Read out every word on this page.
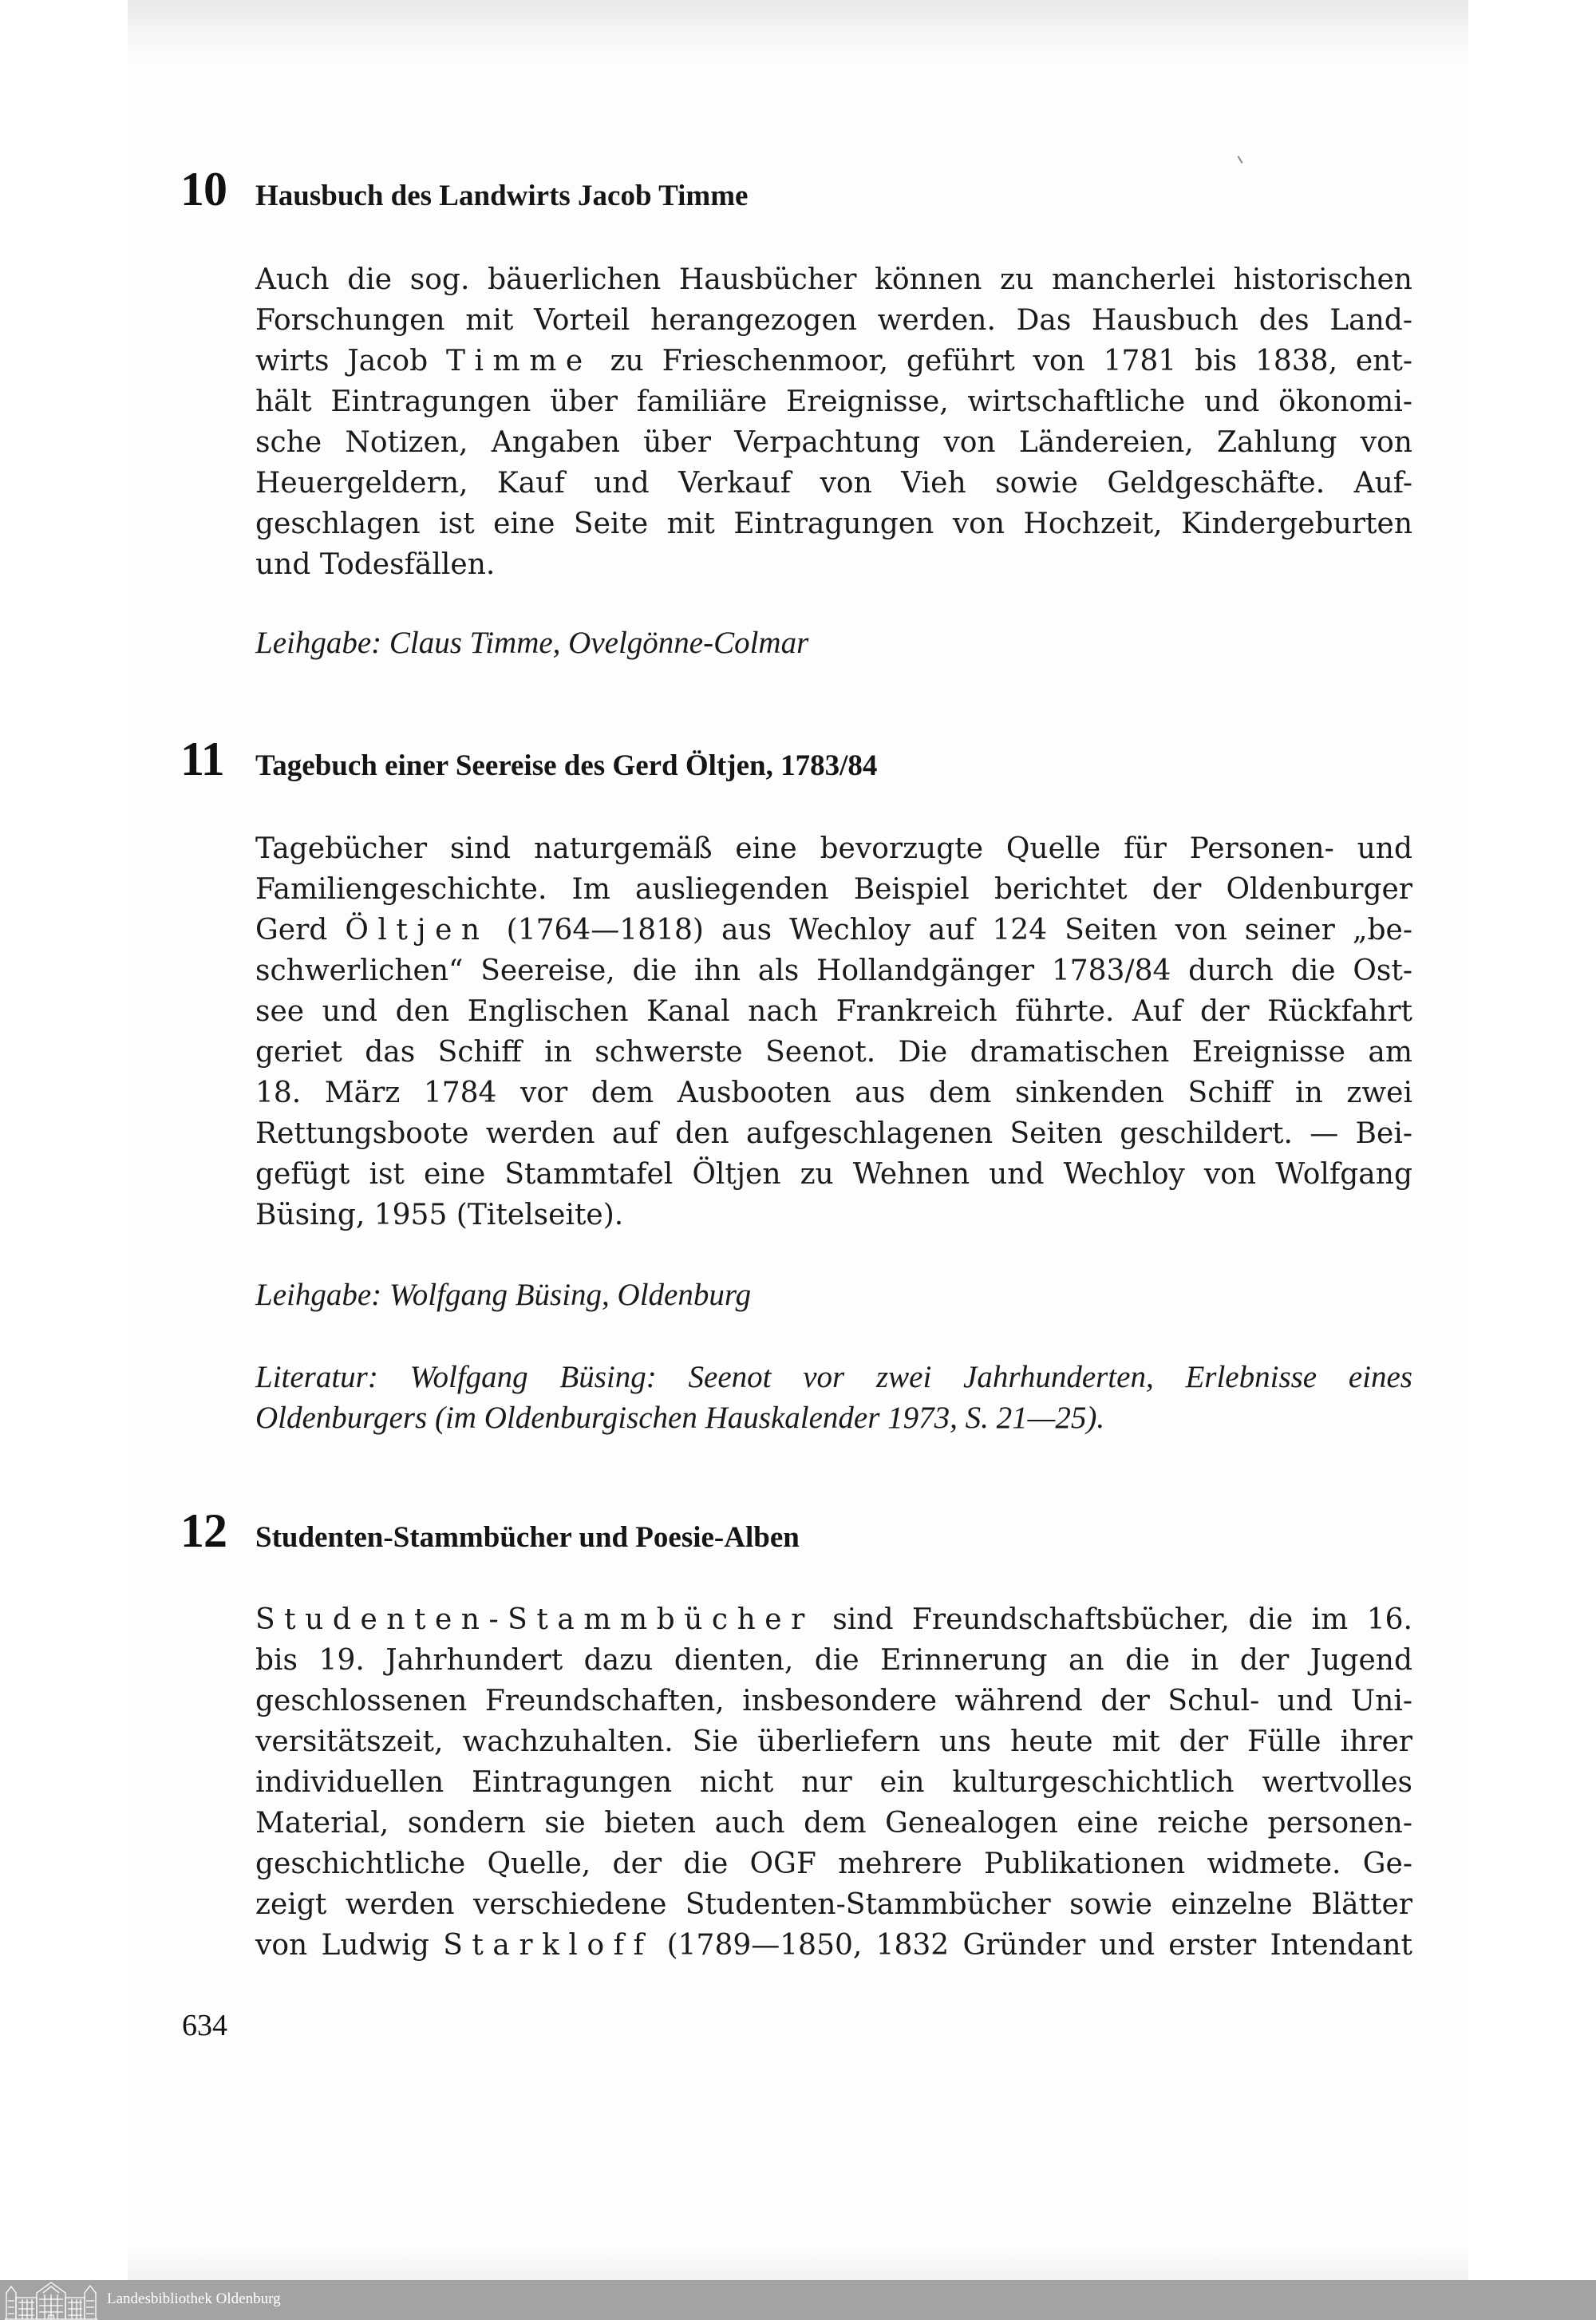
10 Hausbuch des Landwirts Jacob Timme
Auch die sog. bäuerlichen Hausbücher können zu mancherlei historischen
Forschungen mit Vorteil herangezogen werden. Das Hausbuch des Land-
wirts Jacob Timme zu Frieschenmoor, geführt von 1781 bis 1838, ent-
hält Eintragungen über familiäre Ereignisse, wirtschaftliche und ökonomi-
sche Notizen, Angaben über Verpachtung von Ländereien, Zahlung von
Heuergeldern, Kauf und Verkauf von Vieh sowie Geldgeschäfte. Auf-
geschlagen ist eine Seite mit Eintragungen von Hochzeit, Kindergeburten
und Todesfällen.
Leihgabe: Claus Timme, Ovelgönne-Colmar
11 Tagebuch einer Seereise des Gerd Öltjen, 1783/84
Tagebücher sind naturgemäß eine bevorzugte Quelle für Personen- und
Familiengeschichte. Im ausliegenden Beispiel berichtet der Oldenburger
Gerd Öltjen (1764—1818) aus Wechloy auf 124 Seiten von seiner „be-
schwerlichen“ Seereise, die ihn als Hollandgänger 1783/84 durch die Ost-
see und den Englischen Kanal nach Frankreich führte. Auf der Rückfahrt
geriet das Schiff in schwerste Seenot. Die dramatischen Ereignisse am
18. März 1784 vor dem Ausbooten aus dem sinkenden Schiff in zwei
Rettungsboote werden auf den aufgeschlagenen Seiten geschildert. — Bei-
gefügt ist eine Stammtafel Öltjen zu Wehnen und Wechloy von Wolfgang
Büsing, 1955 (Titelseite).
Leihgabe: Wolfgang Büsing, Oldenburg
Literatur: Wolfgang Büsing: Seenot vor zwei Jahrhunderten, Erlebnisse eines
Oldenburgers (im Oldenburgischen Hauskalender 1973, S. 21—25).
12 Studenten-Stammbücher und Poesie-Alben
Studenten-Stammbücher sind Freundschaftsbücher, die im 16.
bis 19. Jahrhundert dazu dienten, die Erinnerung an die in der Jugend
geschlossenen Freundschaften, insbesondere während der Schul- und Uni-
versitätszeit, wachzuhalten. Sie überliefern uns heute mit der Fülle ihrer
individuellen Eintragungen nicht nur ein kulturgeschichtlich wertvolles
Material, sondern sie bieten auch dem Genealogen eine reiche personen-
geschichtliche Quelle, der die OGF mehrere Publikationen widmete. Ge-
zeigt werden verschiedene Studenten-Stammbücher sowie einzelne Blätter
von Ludwig Starkloff (1789—1850, 1832 Gründer und erster Intendant
634
Landesbibliothek Oldenburg
